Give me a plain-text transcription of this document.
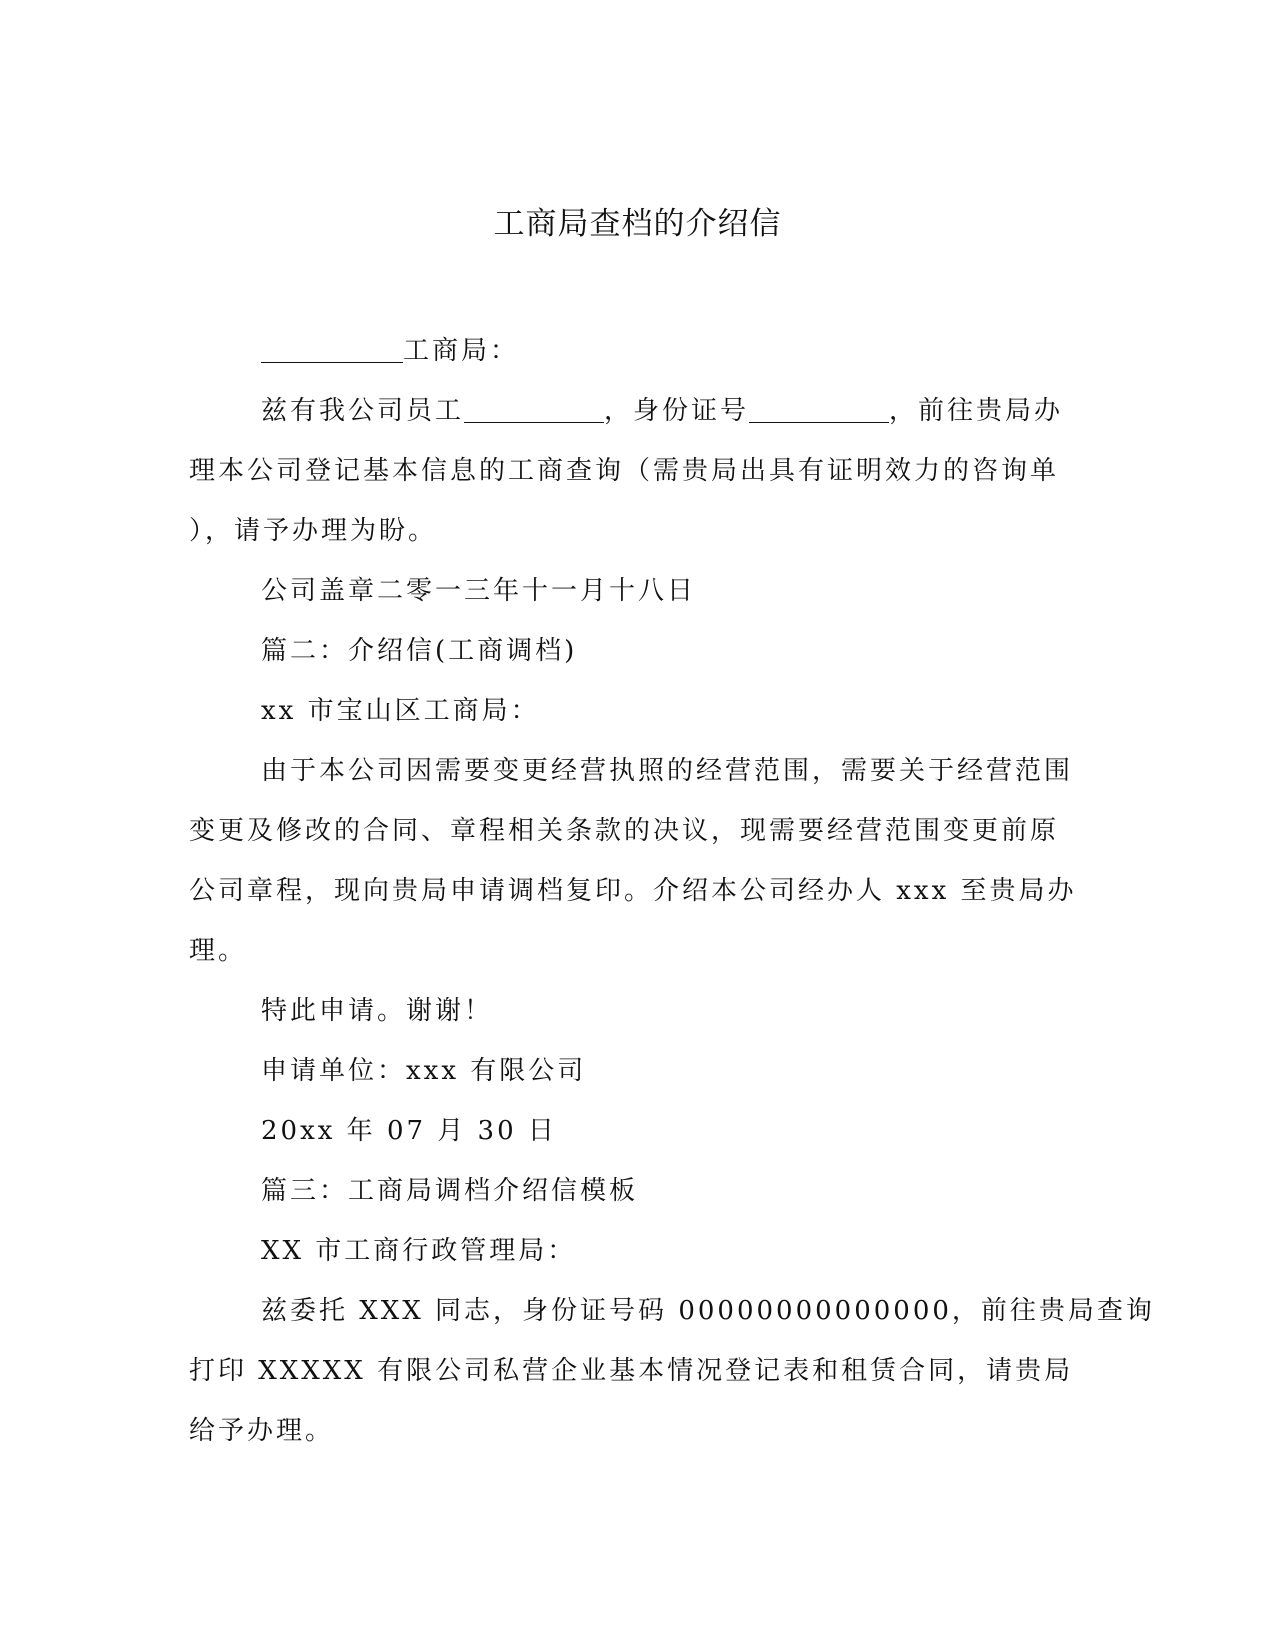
工商局查档的介绍信

工商局：

兹有我公司员工	，身份证号	，前往贵局办

理本公司登记基本信息的工商查询（需贵局出具有证明效力的咨询单

），请予办理为盼。

公司盖章二零一三年十一月十八日

篇二：介绍信(工商调档)

xx 市宝山区工商局：

由于本公司因需要变更经营执照的经营范围，需要关于经营范围

变更及修改的合同、章程相关条款的决议，现需要经营范围变更前原

公司章程，现向贵局申请调档复印。介绍本公司经办人 xxx 至贵局办

理。

特此申请。谢谢！

申请单位：xxx 有限公司

20xx 年 07 月 30 日

篇三：工商局调档介绍信模板

XX 市工商行政管理局：

兹委托 XXX 同志，身份证号码 00000000000000，前往贵局查询

打印 XXXXX 有限公司私营企业基本情况登记表和租赁合同，请贵局

给予办理。
